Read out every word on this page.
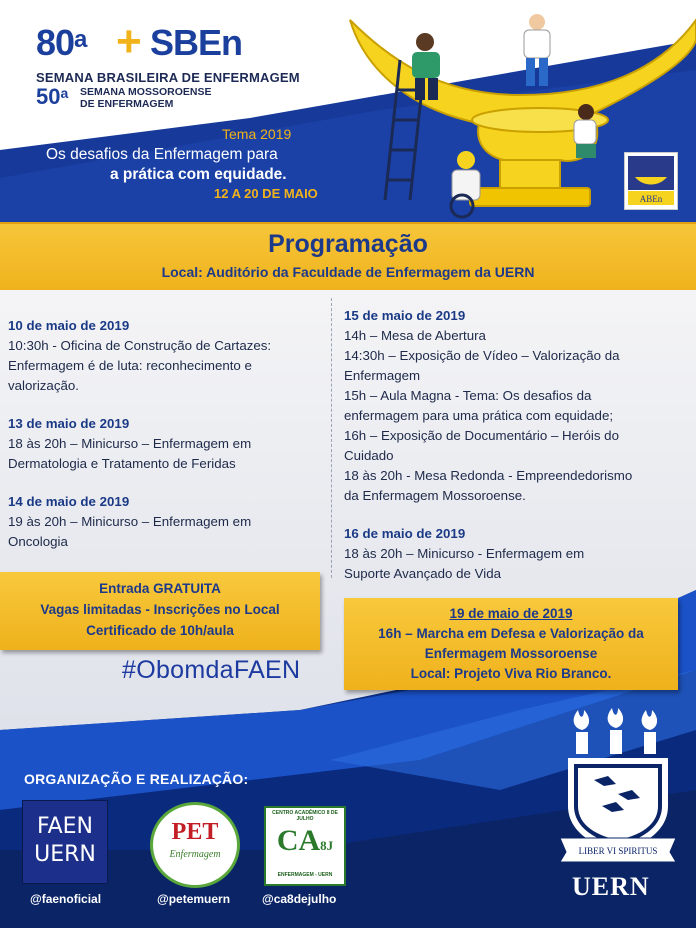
$80^a$ + SBEn
SEMANA BRASILEIRA DE ENFERMAGEM
50$^a$ SEMANA MOSSOROENSE
DE ENFERMAGEM
Tema 2019
Os desafios da Enfermagem para
a prática com equidade.
12 A 20 DE MAIO	ABEn
Programação
Local: Auditório da Faculdade de Enfermagem da UERN
10 de maio de 2019
10:30h - Oficina de Construção de Cartazes:
Enfermagem é de luta: reconhecimento e
valorização.
13 de maio de 2019
18 às 20h – Minicurso – Enfermagem em
Dermatologia e Tratamento de Feridas
14 de maio de 2019
19 às 20h – Minicurso – Enfermagem em
Oncologia
15 de maio de 2019
14h – Mesa de Abertura
14:30h – Exposição de Vídeo – Valorização da
Enfermagem
15h – Aula Magna - Tema: Os desafios da
enfermagem para uma prática com equidade;
16h – Exposição de Documentário – Heróis do
Cuidado
18 às 20h - Mesa Redonda - Empreendedorismo
da Enfermagem Mossoroense.
16 de maio de 2019
18 às 20h – Minicurso - Enfermagem em
Suporte Avançado de Vida
Entrada GRATUITA
Vagas limitadas - Inscrições no Local
Certificado de 10h/aula
19 de maio de 2019
16h – Marcha em Defesa e Valorização da
Enfermagem Mossoroense
Local: Projeto Viva Rio Branco.
#ObomdaFAEN
ORGANIZAÇÃO E REALIZAÇÃO:
FAEN
UERN
PET
Enfermagem
CENTRO ACADÊMICO 8 DE JULHO
CA8J
ENFERMAGEM - UERN
@faenoficial	@petemuern	@ca8dejulho
LIBER VI SPIRITUS
UERN
